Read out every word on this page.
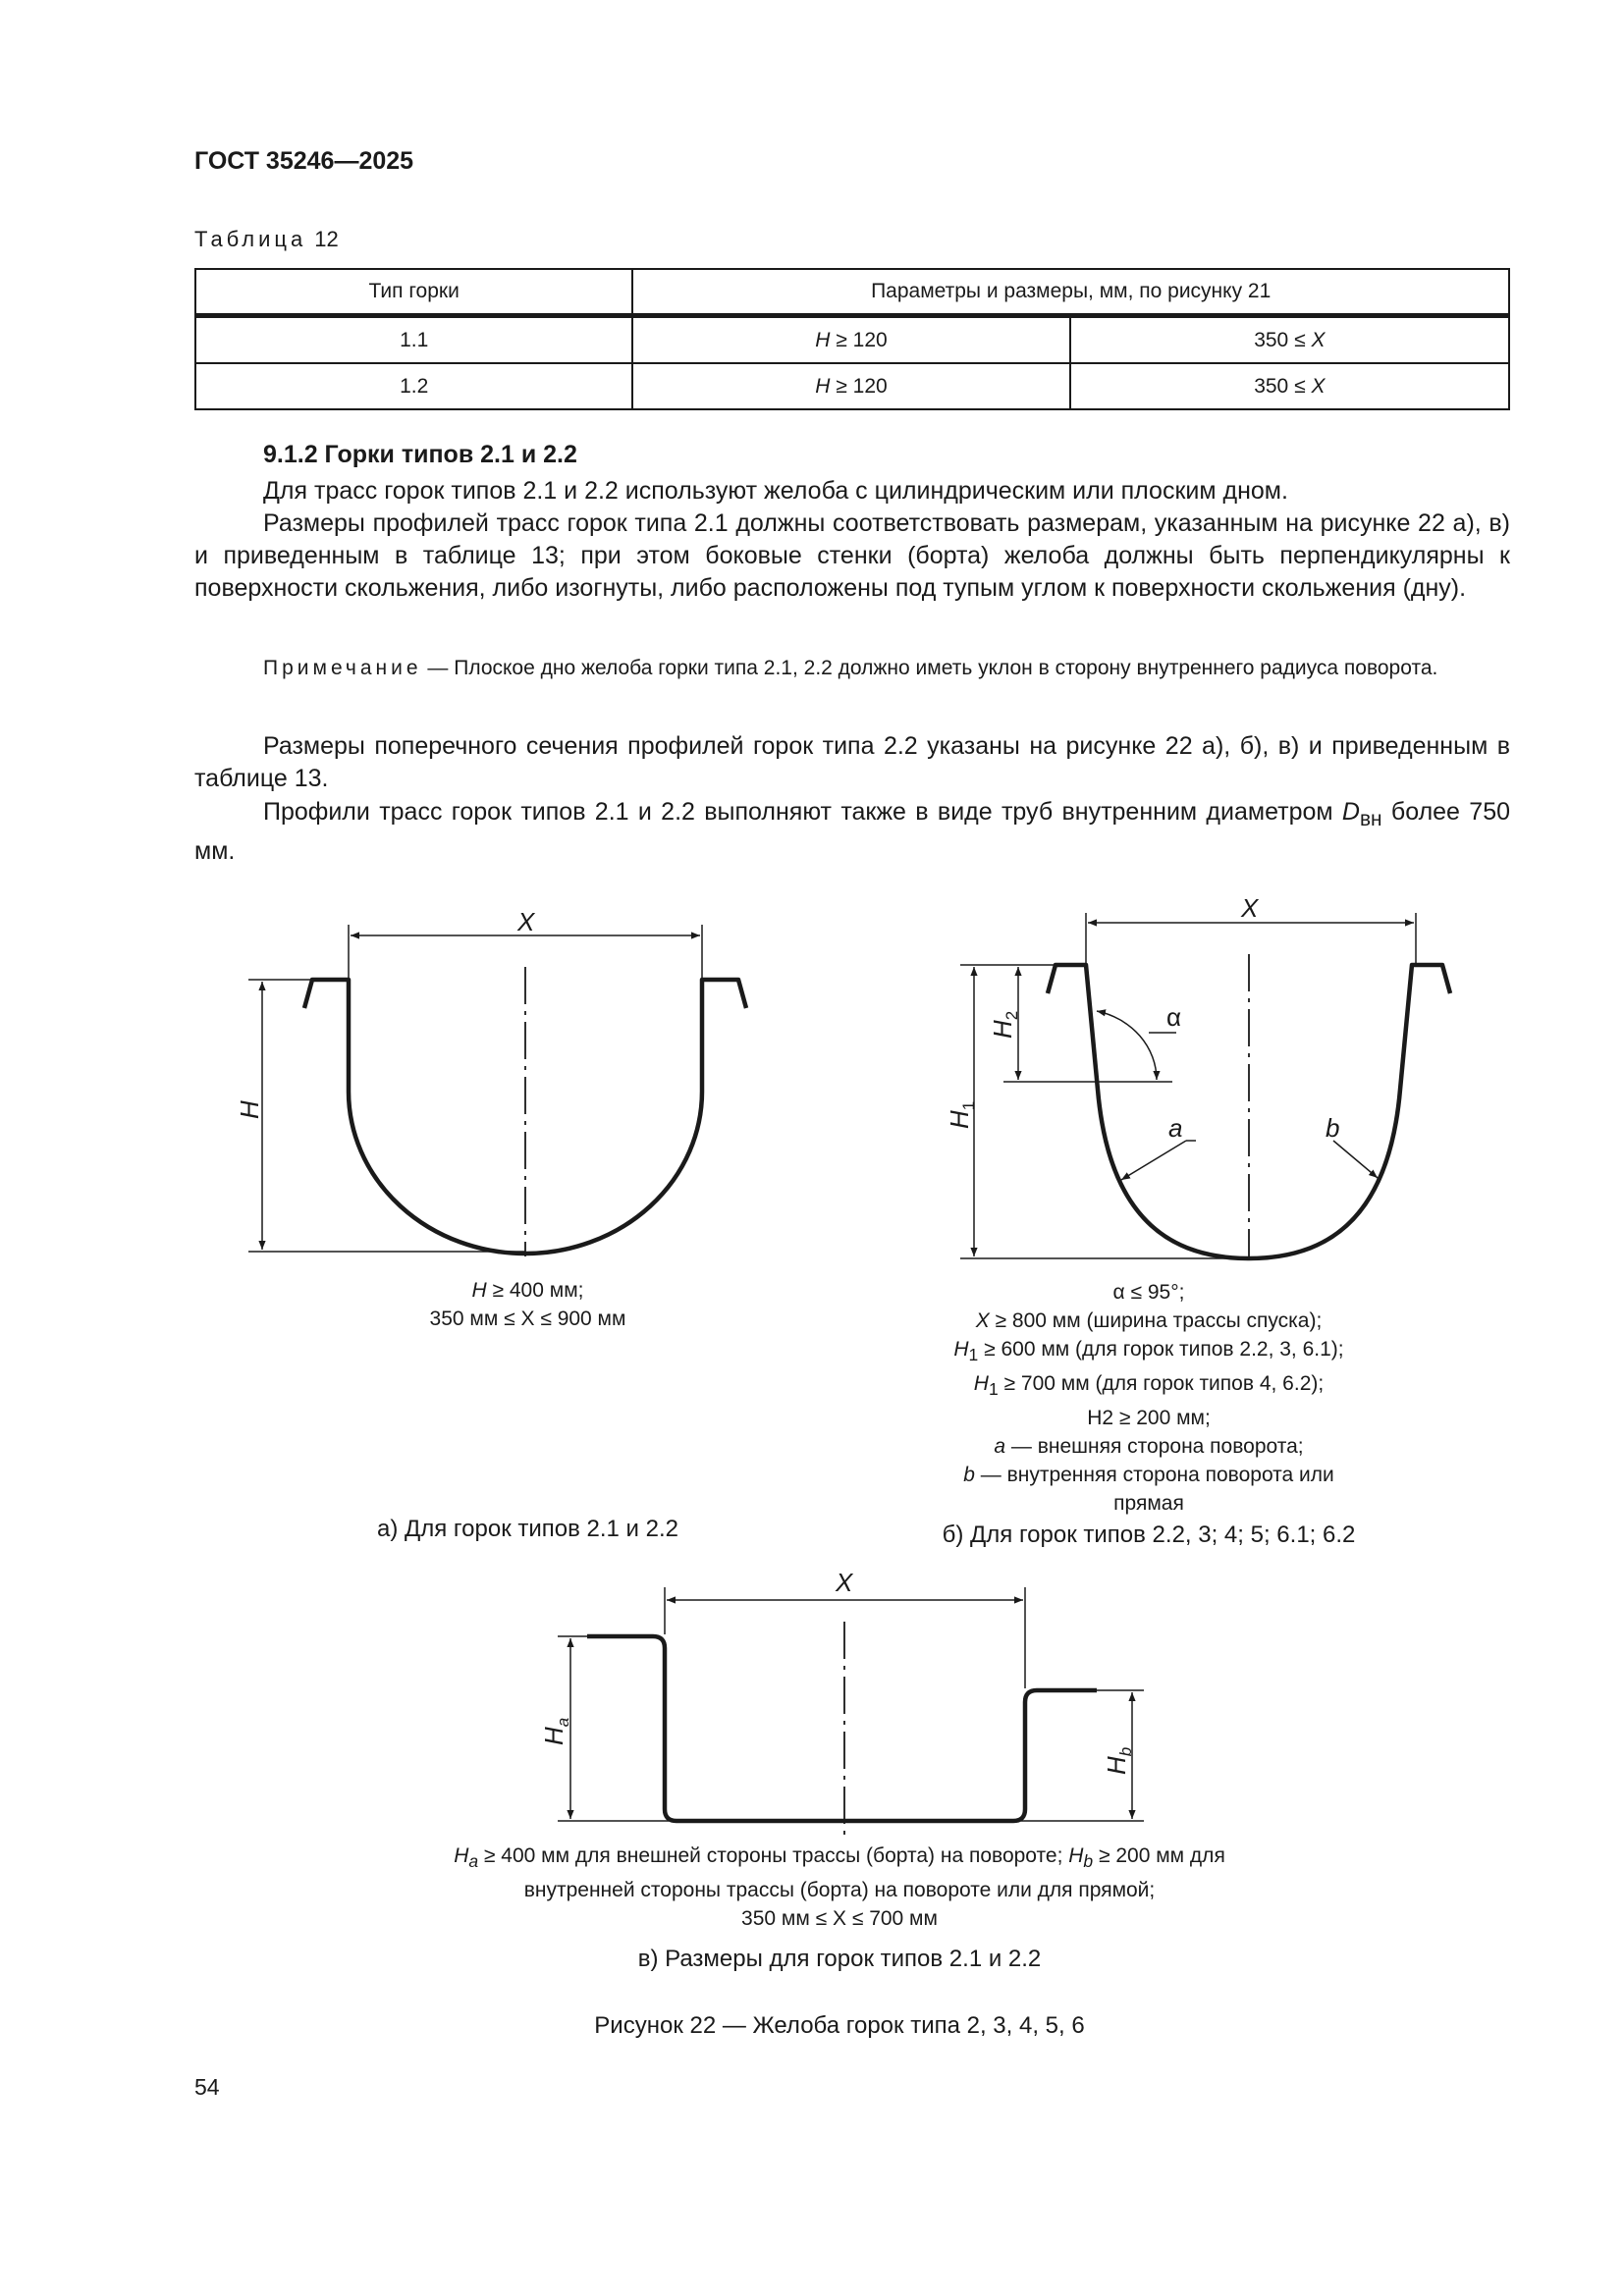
ГОСТ 35246—2025
Таблица 12
Тип горки	Параметры и размеры, мм, по рисунку 21	
1.1	H ≥ 120	350 ≤ X
1.2	H ≥ 120	350 ≤ X
9.1.2 Горки типов 2.1 и 2.2
Для трасс горок типов 2.1 и 2.2 используют желоба с цилиндрическим или плоским дном.
Размеры профилей трасс горок типа 2.1 должны соответствовать размерам, указанным на рисунке 22 а), в) и приведенным в таблице 13; при этом боковые стенки (борта) желоба должны быть перпендикулярны к поверхности скольжения, либо изогнуты, либо расположены под тупым углом к поверхности скольжения (дну).
Примечание — Плоское дно желоба горки типа 2.1, 2.2 должно иметь уклон в сторону внутреннего радиуса поворота.
Размеры поперечного сечения профилей горок типа 2.2 указаны на рисунке 22 а), б), в) и приведенным в таблице 13.
Профили трасс горок типов 2.1 и 2.2 выполняют также в виде труб внутренним диаметром $D_{вн}$ более 750 мм.
X
H
X
α
a	b
$H_1$
$H_2$
X
$H_a$
$H_b$
H ≥ 400 мм;
350 мм ≤ X ≤ 900 мм
а) Для горок типов 2.1 и 2.2
α ≤ 95°;
X ≥ 800 мм (ширина трассы спуска);
$H_1 \ge 600$ мм (для горок типов 2.2, 3, 6.1);
$H_1 \ge 700$ мм (для горок типов 4, 6.2);
H2 ≥ 200 мм;
a — внешняя сторона поворота;
b — внутренняя сторона поворота или
прямая
б) Для горок типов 2.2, 3; 4; 5; 6.1; 6.2
$H_a \ge 400$ мм для внешней стороны трассы (борта) на повороте; $H_b \ge 200$ мм для
внутренней стороны трассы (борта) на повороте или для прямой;
350 мм ≤ X ≤ 700 мм
в) Размеры для горок типов 2.1 и 2.2
Рисунок 22 — Желоба горок типа 2, 3, 4, 5, 6
54
